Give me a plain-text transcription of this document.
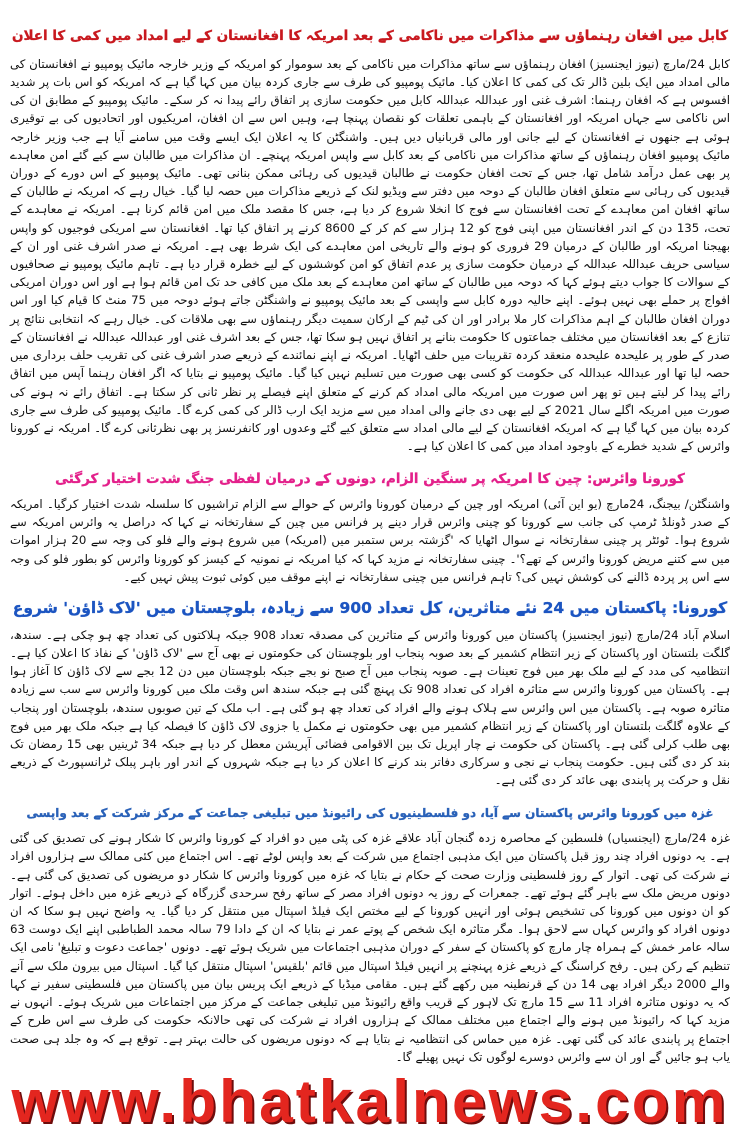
کابل میں افغان رہنماؤں سے مذاکرات میں ناکامی کے بعد امریکہ کا افغانستان کے لیے امداد میں کمی کا اعلان

کابل 24/مارچ (نیوز ایجنسیز) افغان رہنماؤں سے ساتھ مذاکرات میں ناکامی کے بعد سوموار کو امریکہ کے وزیر خارجہ مائیک پومپیو نے افغانستان کی مالی امداد میں ایک بلین ڈالر تک کی کمی کا اعلان کیا۔ مائیک پومپیو کی طرف سے جاری کردہ بیان میں کہا گیا ہے کہ امریکہ کو اس بات پر شدید افسوس ہے کہ افغان رہنما: اشرف غنی اور عبداللہ عبداللہ کابل میں حکومت سازی پر اتفاق رائے پیدا نہ کر سکے۔ مائیک پومپیو کے مطابق ان کی اس ناکامی سے جہاں امریکہ اور افغانستان کے باہمی تعلقات کو نقصان پہنچا ہے، وہیں اس سے ان افغان، امریکیوں اور اتحادیوں کی بے توقیری ہوئی ہے جنھوں نے افغانستان کے لیے جانی اور مالی قربانیاں دیں ہیں۔ واشنگٹن کا یہ اعلان ایک ایسے وقت میں سامنے آیا ہے جب وزیر خارجہ مائیک پومپیو افغان رہنماؤں کے ساتھ مذاکرات میں ناکامی کے بعد کابل سے واپس امریکہ پہنچے۔ ان مذاکرات میں طالبان سے کیے گئے امن معاہدے پر بھی عمل درآمد شامل تھا، جس کے تحت افغان حکومت نے طالبان قیدیوں کی رہائی ممکن بنانی تھی۔ مائیک پومپیو کے اس دورے کے دوران قیدیوں کی رہائی سے متعلق افغان طالبان کے دوحہ میں دفتر سے ویڈیو لنک کے ذریعے مذاکرات میں حصہ لیا گیا۔ خیال رہے کہ امریکہ نے طالبان کے ساتھ افغان امن معاہدے کے تحت افغانستان سے فوج کا انخلا شروع کر دیا ہے، جس کا مقصد ملک میں امن قائم کرنا ہے۔ امریکہ نے معاہدے کے تحت، 135 دن کے اندر افغانستان میں اپنی فوج کو 12 ہزار سے کم کر کے 8600 کرنے پر اتفاق کیا تھا۔ افغانستان سے امریکی فوجیوں کو واپس بھیجنا امریکہ اور طالبان کے درمیان 29 فروری کو ہونے والے تاریخی امن معاہدے کی ایک شرط بھی ہے۔ امریکہ نے صدر اشرف غنی اور ان کے سیاسی حریف عبداللہ عبداللہ کے درمیان حکومت سازی پر عدم اتفاق کو امن کوششوں کے لیے خطرہ قرار دیا ہے۔ تاہم مائیک پومپیو نے صحافیوں کے سوالات کا جواب دیتے ہوئے کہا کہ دوحہ میں طالبان کے ساتھ امن معاہدے کے بعد ملک میں کافی حد تک امن قائم ہوا ہے اور اس دوران امریکی افواج پر حملے بھی نہیں ہوئے۔ اپنے حالیہ دورہ کابل سے واپسی کے بعد مائیک پومپیو نے واشنگٹن جاتے ہوئے دوحہ میں 75 منٹ کا قیام کیا اور اس دوران افغان طالبان کے اہم مذاکرات کار ملا برادر اور ان کی ٹیم کے ارکان سمیت دیگر رہنماؤں سے بھی ملاقات کی۔ خیال رہے کہ انتخابی نتائج پر تنازع کے بعد افغانستان میں مختلف جماعتوں کا حکومت بنانے پر اتفاق نہیں ہو سکا تھا، جس کے بعد اشرف غنی اور عبداللہ عبداللہ نے افغانستان کے صدر کے طور پر علیحدہ علیحدہ منعقد کردہ تقریبات میں حلف اٹھایا۔ امریکہ نے اپنے نمائندے کے ذریعے صدر اشرف غنی کی تقریب حلف برداری میں حصہ لیا تھا اور عبداللہ عبداللہ کی حکومت کو کسی بھی صورت میں تسلیم نہیں کیا گیا۔ مائیک پومپیو نے بتایا کہ اگر افغان رہنما آپس میں اتفاق رائے پیدا کر لیتے ہیں تو پھر اس صورت میں امریکہ مالی امداد کم کرنے کے متعلق اپنے فیصلے پر نظر ثانی کر سکتا ہے۔ اتفاق رائے نہ ہونے کی صورت میں امریکہ اگلے سال 2021 کے لیے بھی دی جانے والی امداد میں سے مزید ایک ارب ڈالر کی کمی کرے گا۔ مائیک پومپیو کی طرف سے جاری کردہ بیان میں کہا گیا ہے کہ امریکہ افغانستان کے لیے مالی امداد سے متعلق کیے گئے وعدوں اور کانفرنسز پر بھی نظرثانی کرے گا۔ امریکہ نے کورونا وائرس کے شدید خطرے کے باوجود امداد میں کمی کا اعلان کیا ہے۔

کورونا وائرس: چین کا امریکہ پر سنگین الزام، دونوں کے درمیان لفظی جنگ شدت اختیار کرگئی

واشنگٹن/ بیجنگ، 24مارچ (یو این آئی) امریکہ اور چین کے درمیان کورونا وائرس کے حوالے سے الزام تراشیوں کا سلسلہ شدت اختیار کرگیا۔ امریکہ کے صدر ڈونلڈ ٹرمپ کی جانب سے کورونا کو چینی وائرس قرار دینے پر فرانس میں چین کے سفارتخانہ نے کہا کہ دراصل یہ وائرس امریکہ سے شروع ہوا۔ ٹوئٹر پر چینی سفارتخانہ نے سوال اٹھایا کہ 'گزشتہ برس ستمبر میں (امریکہ) میں شروع ہونے والے فلو کی وجہ سے 20 ہزار اموات میں سے کتنے مریض کورونا وائرس کے تھے؟'۔ چینی سفارتخانہ نے مزید کہا کہ کیا امریکہ نے نمونیہ کے کیسز کو کورونا وائرس کو بطور فلو کی وجہ سے اس پر پردہ ڈالنے کی کوشش نہیں کی؟ تاہم فرانس میں چینی سفارتخانہ نے اپنے موقف میں کوئی ثبوت پیش نہیں کیے۔

کورونا: پاکستان میں 24 نئے متاثرین، کل تعداد 900 سے زیادہ، بلوچستان میں 'لاک ڈاؤن' شروع

اسلام آباد 24/مارچ (نیوز ایجنسیز) پاکستان میں کورونا وائرس کے متاثرین کی مصدقہ تعداد 908 جبکہ ہلاکتوں کی تعداد چھ ہو چکی ہے۔ سندھ، گلگت بلتستان اور پاکستان کے زیر انتظام کشمیر کے بعد صوبہ پنجاب اور بلوچستان کی حکومتوں نے بھی آج سے 'لاک ڈاؤن' کے نفاذ کا اعلان کیا ہے۔ انتظامیہ کی مدد کے لیے ملک بھر میں فوج تعینات ہے۔ صوبہ پنجاب میں آج صبح نو بجے جبکہ بلوچستان میں دن 12 بجے سے لاک ڈاؤن کا آغاز ہوا ہے۔ پاکستان میں کورونا وائرس سے متاثرہ افراد کی تعداد 908 تک پہنچ گئی ہے جبکہ سندھ اس وقت ملک میں کورونا وائرس سے سب سے زیادہ متاثرہ صوبہ ہے۔ پاکستان میں اس وائرس سے ہلاک ہونے والے افراد کی تعداد چھ ہو گئی ہے۔ اب ملک کے تین صوبوں سندھ، بلوچستان اور پنجاب کے علاوہ گلگت بلتستان اور پاکستان کے زیر انتظام کشمیر میں بھی حکومتوں نے مکمل یا جزوی لاک ڈاؤن کا فیصلہ کیا ہے جبکہ ملک بھر میں فوج بھی طلب کرلی گئی ہے۔ پاکستان کی حکومت نے چار اپریل تک بین الاقوامی فضائی آپریشن معطل کر دیا ہے جبکہ 34 ٹرینیں بھی 15 رمضان تک بند کر دی گئی ہیں۔ حکومت پنجاب نے نجی و سرکاری دفاتر بند کرنے کا اعلان کر دیا ہے جبکہ شہروں کے اندر اور باہر پبلک ٹرانسپورٹ کے ذریعے نقل و حرکت پر پابندی بھی عائد کر دی گئی ہے۔

غزہ میں کورونا وائرس پاکستان سے آیا، دو فلسطینیوں کی رائیونڈ میں تبلیغی جماعت کے مرکز شرکت کے بعد واپسی

غزہ 24/مارچ (ایجنسیاں) فلسطین کے محاصرہ زدہ گنجان آباد علاقے غزہ کی پٹی میں دو افراد کے کورونا وائرس کا شکار ہونے کی تصدیق کی گئی ہے۔ یہ دونوں افراد چند روز قبل پاکستان میں ایک مذہبی اجتماع میں شرکت کے بعد واپس لوٹے تھے۔ اس اجتماع میں کئی ممالک سے ہزاروں افراد نے شرکت کی تھی۔ اتوار کے روز فلسطینی وزارت صحت کے حکام نے بتایا کہ غزہ میں کورونا وائرس کا شکار دو مریضوں کی تصدیق کی گئی ہے۔ دونوں مریض ملک سے باہر گئے ہوئے تھے۔ جمعرات کے روز یہ دونوں افراد مصر کے ساتھ رفح سرحدی گزرگاہ کے ذریعے غزہ میں داخل ہوئے۔ اتوار کو ان دونوں میں کورونا کی تشخیص ہوئی اور انہیں کورونا کے لیے مختص ایک فیلڈ اسپتال میں منتقل کر دیا گیا۔ یہ واضح نہیں ہو سکا کہ ان دونوں افراد کو وائرس کہاں سے لاحق ہوا۔ مگر متاثرہ ایک شخص کے پوتے عمر نے بتایا کہ ان کے دادا 79 سالہ محمد الطباطبی اپنے ایک دوست 63 سالہ عامر خمش کے ہمراہ چار مارچ کو پاکستان کے سفر کے دوران مذہبی اجتماعات میں شریک ہوئے تھے۔ دونوں 'جماعت دعوت و تبلیغ' نامی ایک تنظیم کے رکن ہیں۔ رفح کراسنگ کے ذریعے غزہ پہنچنے پر انہیں فیلڈ اسپتال میں قائم 'بلقیس' اسپتال منتقل کیا گیا۔ اسپتال میں بیرون ملک سے آنے والے 2000 دیگر افراد بھی 14 دن کے قرنطینہ میں رکھے گئے ہیں۔ مقامی میڈیا کے ذریعے ایک پریس بیان میں پاکستان میں فلسطینی سفیر نے کہا کہ یہ دونوں متاثرہ افراد 11 سے 15 مارچ تک لاہور کے قریب واقع رائیونڈ میں تبلیغی جماعت کے مرکز میں اجتماعات میں شریک ہوئے۔ انہوں نے مزید کہا کہ رائیونڈ میں ہونے والے اجتماع میں مختلف ممالک کے ہزاروں افراد نے شرکت کی تھی حالانکہ حکومت کی طرف سے اس طرح کے اجتماع پر پابندی عائد کی گئی تھی۔ غزہ میں حماس کی انتظامیہ نے بتایا ہے کہ دونوں مریضوں کی حالت بہتر ہے۔ توقع ہے کہ وہ جلد ہی صحت یاب ہو جائیں گے اور ان سے وائرس دوسرے لوگوں تک نہیں پھیلے گا۔

www.bhatkalnews.com
